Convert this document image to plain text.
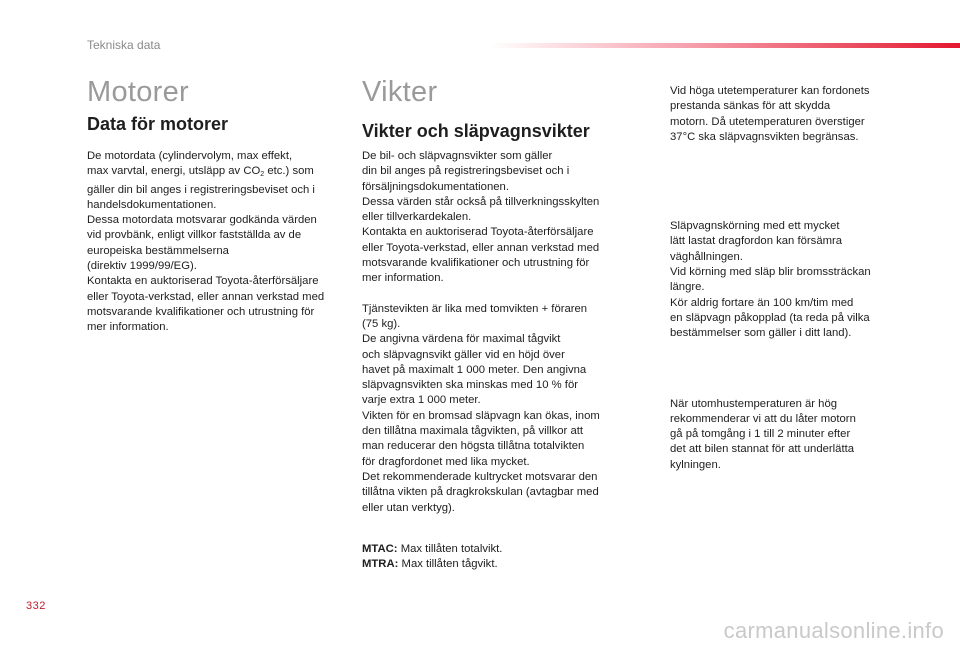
Tekniska data
Motorer
Data för motorer

De motordata (cylindervolym, max effekt,
max varvtal, energi, utsläpp av $CO_2$ etc.) som
gäller din bil anges i registreringsbeviset och i
handelsdokumentationen.
Dessa motordata motsvarar godkända värden
vid provbänk, enligt villkor fastställda av de
europeiska bestämmelserna
(direktiv 1999/99/EG).
Kontakta en auktoriserad Toyota-återförsäljare
eller Toyota-verkstad, eller annan verkstad med
motsvarande kvalifikationer och utrustning för
mer information.

Vikter
Vikter och släpvagnsvikter

De bil- och släpvagnsvikter som gäller
din bil anges på registreringsbeviset och i
försäljningsdokumentationen.
Dessa värden står också på tillverkningsskylten
eller tillverkardekalen.
Kontakta en auktoriserad Toyota-återförsäljare
eller Toyota-verkstad, eller annan verkstad med
motsvarande kvalifikationer och utrustning för
mer information.

Tjänstevikten är lika med tomvikten + föraren
(75 kg).
De angivna värdena för maximal tågvikt
och släpvagnsvikt gäller vid en höjd över
havet på maximalt 1 000 meter. Den angivna
släpvagnsvikten ska minskas med 10 % för
varje extra 1 000 meter.
Vikten för en bromsad släpvagn kan ökas, inom
den tillåtna maximala tågvikten, på villkor att
man reducerar den högsta tillåtna totalvikten
för dragfordonet med lika mycket.
Det rekommenderade kultrycket motsvarar den
tillåtna vikten på dragkrokskulan (avtagbar med
eller utan verktyg).

MTAC: Max tillåten totalvikt.
MTRA: Max tillåten tågvikt.

Vid höga utetemperaturer kan fordonets
prestanda sänkas för att skydda
motorn. Då utetemperaturen överstiger
37°C ska släpvagnsvikten begränsas.

Släpvagnskörning med ett mycket
lätt lastat dragfordon kan försämra
väghållningen.
Vid körning med släp blir bromssträckan
längre.
Kör aldrig fortare än 100 km/tim med
en släpvagn påkopplad (ta reda på vilka
bestämmelser som gäller i ditt land).

När utomhustemperaturen är hög
rekommenderar vi att du låter motorn
gå på tomgång i 1 till 2 minuter efter
det att bilen stannat för att underlätta
kylningen.

332
carmanualsonline.info
